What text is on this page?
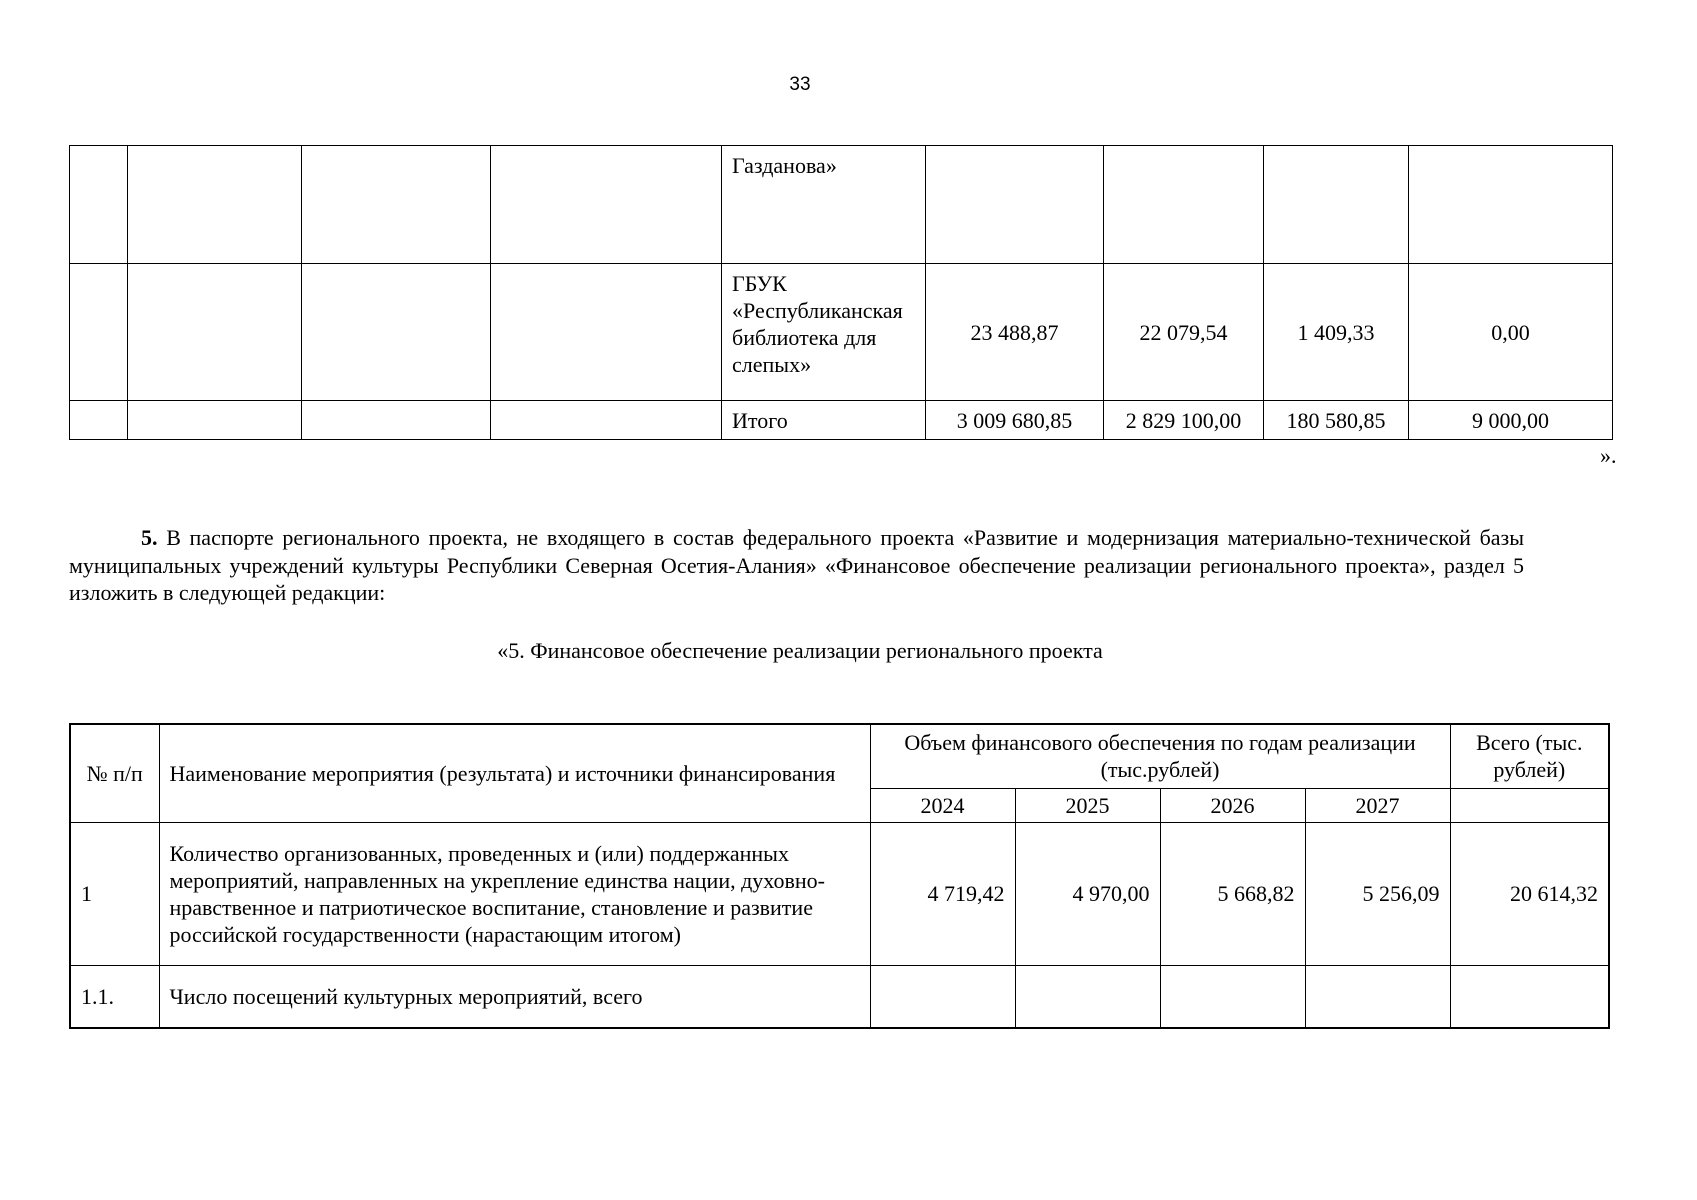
33
				Газданова»				
				ГБУК «Республиканская библиотека для слепых»	23 488,87	22 079,54	1 409,33	0,00
				Итого	3 009 680,85	2 829 100,00	180 580,85	9 000,00
».
5. В паспорте регионального проекта, не входящего в состав федерального проекта «Развитие и модернизация материально-технической базы муниципальных учреждений культуры Республики Северная Осетия-Алания» «Финансовое обеспечение реализации регионального проекта», раздел 5 изложить в следующей редакции:
«5. Финансовое обеспечение реализации регионального проекта
№ п/п	Наименование мероприятия (результата) и источники финансирования	Объем финансового обеспечения по годам реализации (тыс.рублей)				Всего (тыс. рублей)
		2024	2025	2026	2027	
1	Количество организованных, проведенных и (или) поддержанных мероприятий, направленных на укрепление единства нации, духовно-нравственное и патриотическое воспитание, становление и развитие российской государственности (нарастающим итогом)	4 719,42	4 970,00	5 668,82	5 256,09	20 614,32
1.1.	Число посещений культурных мероприятий, всего					
